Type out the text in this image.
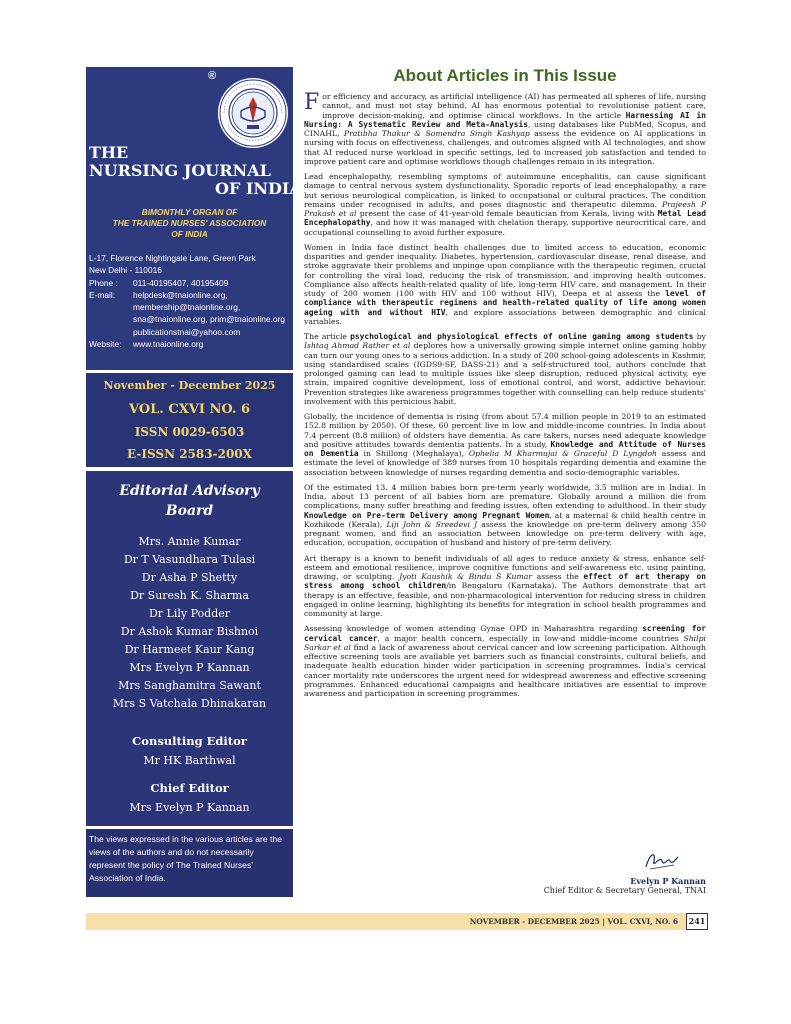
®
THE
NURSING JOURNAL
OF INDIA
BIMONTHLY ORGAN OF
THE TRAINED NURSES' ASSOCIATION
OF INDIA
L-17, Florence Nightingale Lane, Green Park
New Delhi - 110016
Phone : 011-40195407, 40195409
E-mail: helpdesk@tnaionline.org,
membership@tnaionline.org,
sna@tnaionline.org, prim@tnaionline.org
publicationstnai@yahoo.com
Website: www.tnaionline.org
November - December 2025
VOL. CXVI NO. 6
ISSN 0029-6503
E-ISSN 2583-200X
Editorial Advisory
Board
Mrs. Annie Kumar
Dr T Vasundhara Tulasi
Dr Asha P Shetty
Dr Suresh K. Sharma
Dr Lily Podder
Dr Ashok Kumar Bishnoi
Dr Harmeet Kaur Kang
Mrs Evelyn P Kannan
Mrs Sanghamitra Sawant
Mrs S Vatchala Dhinakaran
Consulting Editor
Mr HK Barthwal
Chief Editor
Mrs Evelyn P Kannan
The views expressed in the various articles are the views of the authors and do not necessarily represent the policy of The Trained Nurses' Association of India.
About Articles in This Issue

For efficiency and accuracy, as artificial intelligence (AI) has permeated all spheres of life, nursing cannot, and must not stay behind. AI has enormous potential to revolutionise patient care, improve decision-making, and optimise clinical workflows. In the article Harnessing AI in Nursing: A Systematic Review and Meta-Analysis, using databases like PubMed, Scopus, and CINAHL, Pratibha Thakur & Somendra Singh Kashyap assess the evidence on AI applications in nursing with focus on effectiveness, challenges, and outcomes aligned with AI technologies, and show that AI reduced nurse workload in specific settings, led to increased job satisfaction and tended to improve patient care and optimise workflows though challenges remain in its integration.

Lead encephalopathy, resembling symptoms of autoimmune encephalitis, can cause significant damage to central nervous system dysfunctionality. Sporadic reports of lead encephalopathy, a rare but serious neurological complication, is linked to occupational or cultural practices. The condition remains under recognised in adults, and poses diagnostic and therapeutic dilemma. Prajeesh P Prakash et al present the case of 41-year-old female beautician from Kerala, living with Metal Lead Encephalopathy, and how it was managed with chelation therapy, supportive neurocritical care, and occupational counselling to avoid further exposure.

Women in India face distinct health challenges due to limited access to education, economic disparities and gender inequality. Diabetes, hypertension, cardiovascular disease, renal disease, and stroke aggravate their problems and impinge upon compliance with the therapeutic regimen, crucial for controlling the viral load, reducing the risk of transmission, and improving health outcomes. Compliance also affects health-related quality of life, long-term HIV care, and management. In their study of 200 women (100 with HIV and 100 without HIV), Deepa et al assess the level of compliance with therapeutic regimens and health-related quality of life among women ageing with and without HIV, and explore associations between demographic and clinical variables.

The article psychological and physiological effects of online gaming among students by Ishtaq Ahmad Rather et al deplores how a universally growing simple internet online gaming hobby can turn our young ones to a serious addiction. In a study of 200 school-going adolescents in Kashmir, using standardised scales (IGDS9-SF, DASS-21) and a self-structured tool, authors conclude that prolonged gaming can lead to multiple issues like sleep disruption, reduced physical activity, eye strain, impaired cognitive development, loss of emotional control, and worst, addictive behaviour. Prevention strategies like awareness programmes together with counselling can help reduce students' involvement with this pernicious habit.

Globally, the incidence of dementia is rising (from about 57.4 million people in 2019 to an estimated 152.8 million by 2050). Of these, 60 percent live in low and middle-income countries. In India about 7.4 percent (8.8 million) of oldsters have dementia. As care takers, nurses need adequate knowledge and positive attitudes towards dementia patients. In a study, Knowledge and Attitude of Nurses on Dementia in Shillong (Meghalaya), Ophelia M Kharmujai & Graceful D Lyngdoh assess and estimate the level of knowledge of 389 nurses from 10 hospitals regarding dementia and examine the association between knowledge of nurses regarding dementia and socio-demographic variables.

Of the estimated 13. 4 million babies born pre-term yearly worldwide, 3.5 million are in India). In India, about 13 percent of all babies born are premature. Globally around a million die from complications, many suffer breathing and feeding issues, often extending to adulthood. In their study Knowledge on Pre-term Delivery among Pregnant Women, at a maternal & child health centre in Kozhikode (Kerala), Liji John & Sreedevi J assess the knowledge on pre-term delivery among 350 pregnant women, and find an association between knowledge on pre-term delivery with age, education, occupation, occupation of husband and history of pre-term delivery.

Art therapy is a known to benefit individuals of all ages to reduce anxiety & stress, enhance self-esteem and emotional resilience, improve cognitive functions and self-awareness etc. using painting, drawing, or sculpting. Jyoti Kaushik & Bindu S Kumar assess the effect of art therapy on stress among school children/in Bengaluru (Karnataka). The Authors demonstrate that art therapy is an effective, feasible, and non-pharmacological intervention for reducing stress in children engaged in online learning, highlighting its benefits for integration in school health programmes and community at large.

Assessing knowledge of women attending Gynae OPD in Maharashtra regarding screening for cervical cancer, a major health concern, especially in low-and middle-income countries Shilpi Sarkar et al find a lack of awareness about cervical cancer and low screening participation. Although effective screening tools are available yet barriers such as financial constraints, cultural beliefs, and inadequate health education hinder wider participation in screening programmes. India's cervical cancer mortality rate underscores the urgent need for widespread awareness and effective screening programmes. Enhanced educational campaigns and healthcare initiatives are essential to improve awareness and participation in screening programmes.

Evelyn P Kannan
Chief Editor & Secretary General, TNAI
NOVEMBER - DECEMBER 2025 | VOL. CXVI, NO. 6	241
